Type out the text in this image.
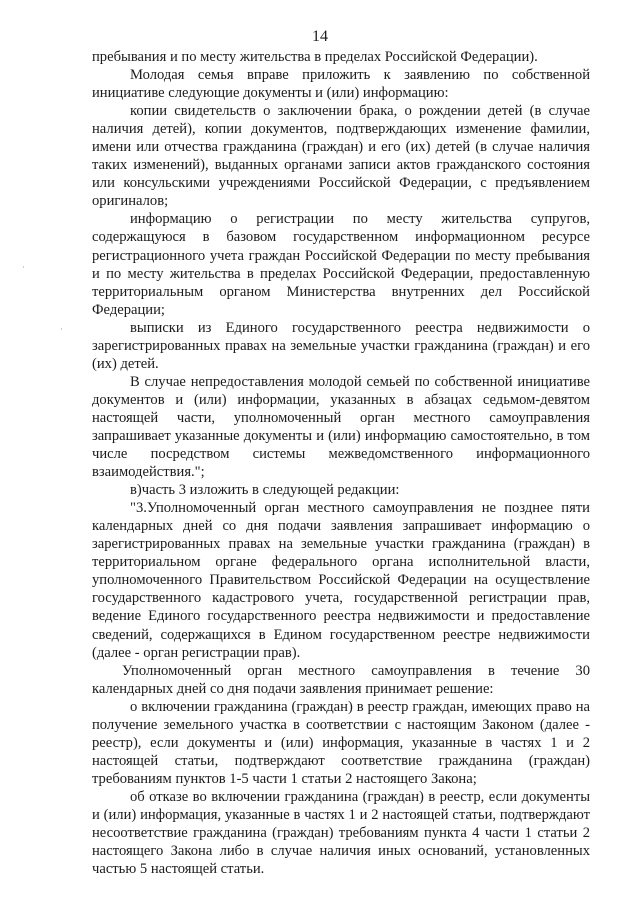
14

пребывания и по месту жительства в пределах Российской Федерации).

Молодая семья вправе приложить к заявлению по собственной инициативе следующие документы и (или) информацию:

копии свидетельств о заключении брака, о рождении детей (в случае наличия детей), копии документов, подтверждающих изменение фамилии, имени или отчества гражданина (граждан) и его (их) детей (в случае наличия таких изменений), выданных органами записи актов гражданского состояния или консульскими учреждениями Российской Федерации, с предъявлением оригиналов;

информацию о регистрации по месту жительства супругов, содержащуюся в базовом государственном информационном ресурсе регистрационного учета граждан Российской Федерации по месту пребывания и по месту жительства в пределах Российской Федерации, предоставленную территориальным органом Министерства внутренних дел Российской Федерации;

выписки из Единого государственного реестра недвижимости о зарегистрированных правах на земельные участки гражданина (граждан) и его (их) детей.

В случае непредоставления молодой семьей по собственной инициативе документов и (или) информации, указанных в абзацах седьмом-девятом настоящей части, уполномоченный орган местного самоуправления запрашивает указанные документы и (или) информацию самостоятельно, в том числе посредством системы межведомственного информационного взаимодействия.";

в)часть 3 изложить в следующей редакции:

"3.Уполномоченный орган местного самоуправления не позднее пяти календарных дней со дня подачи заявления запрашивает информацию о зарегистрированных правах на земельные участки гражданина (граждан) в территориальном органе федерального органа исполнительной власти, уполномоченного Правительством Российской Федерации на осуществление государственного кадастрового учета, государственной регистрации прав, ведение Единого государственного реестра недвижимости и предоставление сведений, содержащихся в Едином государственном реестре недвижимости (далее - орган регистрации прав).

Уполномоченный орган местного самоуправления в течение 30 календарных дней со дня подачи заявления принимает решение:

о включении гражданина (граждан) в реестр граждан, имеющих право на получение земельного участка в соответствии с настоящим Законом (далее - реестр), если документы и (или) информация, указанные в частях 1 и 2 настоящей статьи, подтверждают соответствие гражданина (граждан) требованиям пунктов 1-5 части 1 статьи 2 настоящего Закона;

об отказе во включении гражданина (граждан) в реестр, если документы и (или) информация, указанные в частях 1 и 2 настоящей статьи, подтверждают несоответствие гражданина (граждан) требованиям пункта 4 части 1 статьи 2 настоящего Закона либо в случае наличия иных оснований, установленных частью 5 настоящей статьи.

·
·
